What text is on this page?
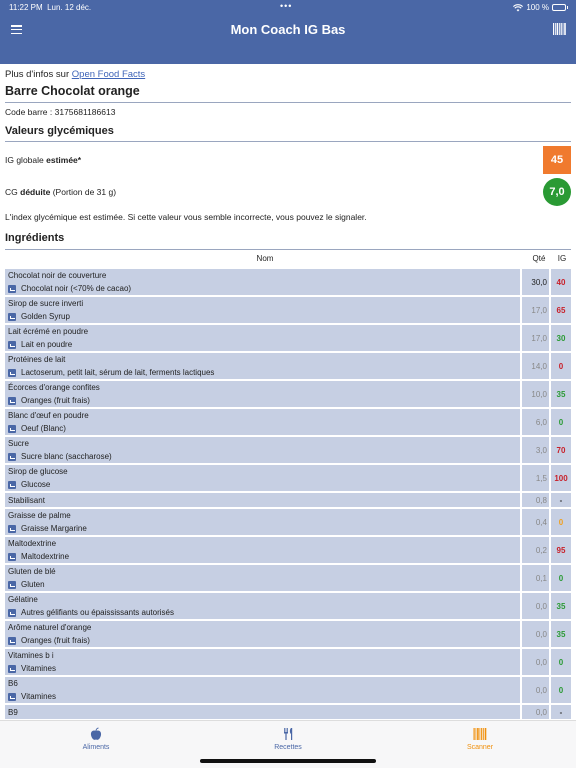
11:22 PM Lun. 12 déc.	•••	100 %
Mon Coach IG Bas
Plus d'infos sur Open Food Facts
Barre Chocolat orange
Code barre : 3175681186613
Valeurs glycémiques
IG globale estimée*	45
CG déduite (Portion de 31 g)	7,0
L'index glycémique est estimée. Si cette valeur vous semble incorrecte, vous pouvez le signaler.
Ingrédients
Nom	Qté	IG
Chocolat noir de couverture
Chocolat noir (<70% de cacao)
30,0	40
Sirop de sucre inverti
Golden Syrup
17,0	65
Lait écrémé en poudre
Lait en poudre
17,0	30
Protéines de lait
Lactoserum, petit lait, sérum de lait, ferments lactiques
14,0	0
Écorces d'orange confites
Oranges (fruit frais)
10,0	35
Blanc d'œuf en poudre
Oeuf (Blanc)
6,0	0
Sucre
Sucre blanc (saccharose)
3,0	70
Sirop de glucose
Glucose
1,5 100
Stabilisant	0,8	-
Graisse de palme
Graisse Margarine
0,4	0
Maltodextrine
Maltodextrine
0,2	95
Gluten de blé
Gluten
0,1	0
Gélatine
Autres gélifiants ou épaississants autorisés
0,0	35
Arôme naturel d'orange
Oranges (fruit frais)
0,0	35
Vitamines b i
Vitamines
0,0	0
B6
Vitamines
0,0	0
B9	0,0	-
Aliments	Recettes	Scanner
